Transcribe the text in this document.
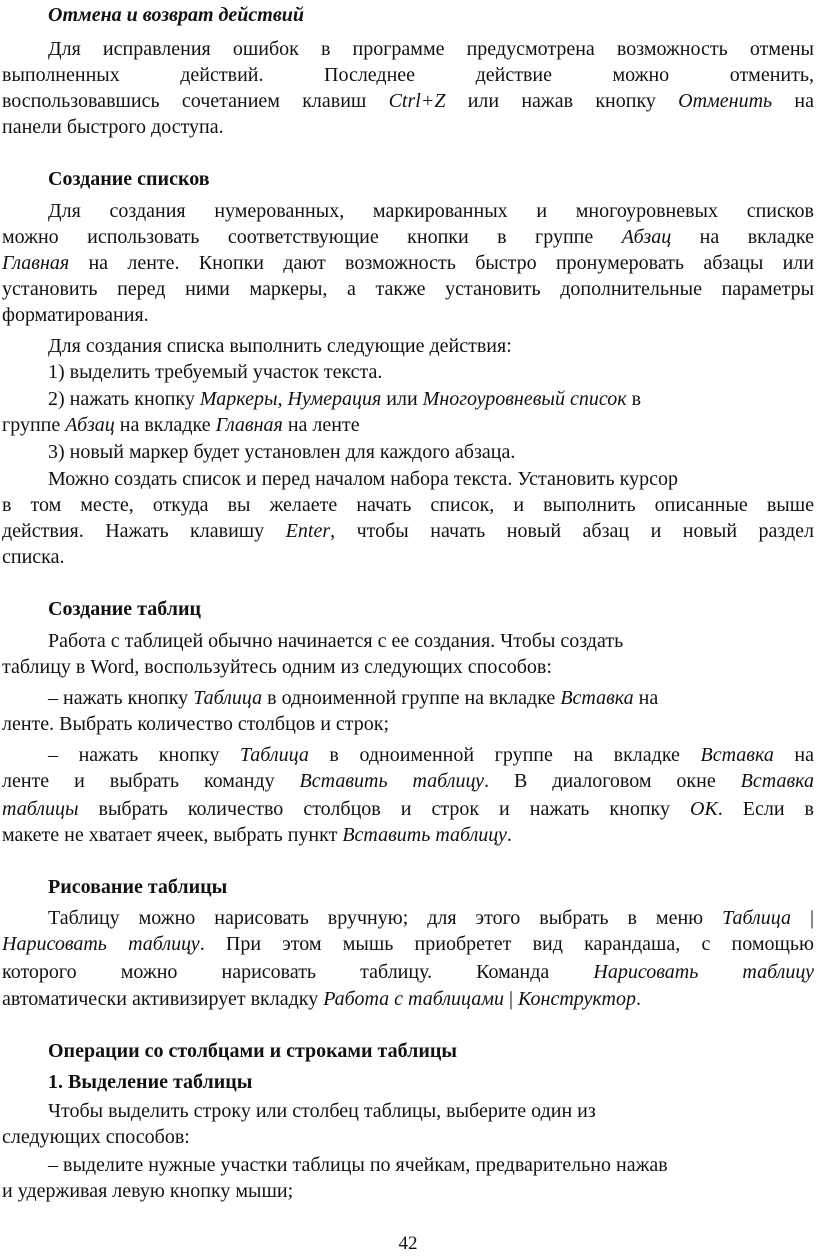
Отмена и возврат действий
Для исправления ошибок в программе предусмотрена возможность отмены
выполненных действий. Последнее действие можно отменить,
воспользовавшись сочетанием клавиш Ctrl+Z или нажав кнопку Отменить на
панели быстрого доступа.
Создание списков
Для создания нумерованных, маркированных и многоуровневых списков
можно использовать соответствующие кнопки в группе Абзац на вкладке
Главная на ленте. Кнопки дают возможность быстро пронумеровать абзацы или
установить перед ними маркеры, а также установить дополнительные параметры
форматирования.
Для создания списка выполнить следующие действия:
1) выделить требуемый участок текста.
2) нажать кнопку Маркеры, Нумерация или Многоуровневый список в
группе Абзац на вкладке Главная на ленте
3) новый маркер будет установлен для каждого абзаца.
Можно создать список и перед началом набора текста. Установить курсор
в том месте, откуда вы желаете начать список, и выполнить описанные выше
действия. Нажать клавишу Enter, чтобы начать новый абзац и новый раздел
списка.
Создание таблиц
Работа с таблицей обычно начинается с ее создания. Чтобы создать
таблицу в Word, воспользуйтесь одним из следующих способов:
– нажать кнопку Таблица в одноименной группе на вкладке Вставка на
ленте. Выбрать количество столбцов и строк;
– нажать кнопку Таблица в одноименной группе на вкладке Вставка на
ленте и выбрать команду Вставить таблицу. В диалоговом окне Вставка
таблицы выбрать количество столбцов и строк и нажать кнопку ОК. Если в
макете не хватает ячеек, выбрать пункт Вставить таблицу.
Рисование таблицы
Таблицу можно нарисовать вручную; для этого выбрать в меню Таблица |
Нарисовать таблицу. При этом мышь приобретет вид карандаша, с помощью
которого можно нарисовать таблицу. Команда Нарисовать таблицу
автоматически активизирует вкладку Работа с таблицами | Конструктор.
Операции со столбцами и строками таблицы
1. Выделение таблицы
Чтобы выделить строку или столбец таблицы, выберите один из
следующих способов:
– выделите нужные участки таблицы по ячейкам, предварительно нажав
и удерживая левую кнопку мыши;
42
